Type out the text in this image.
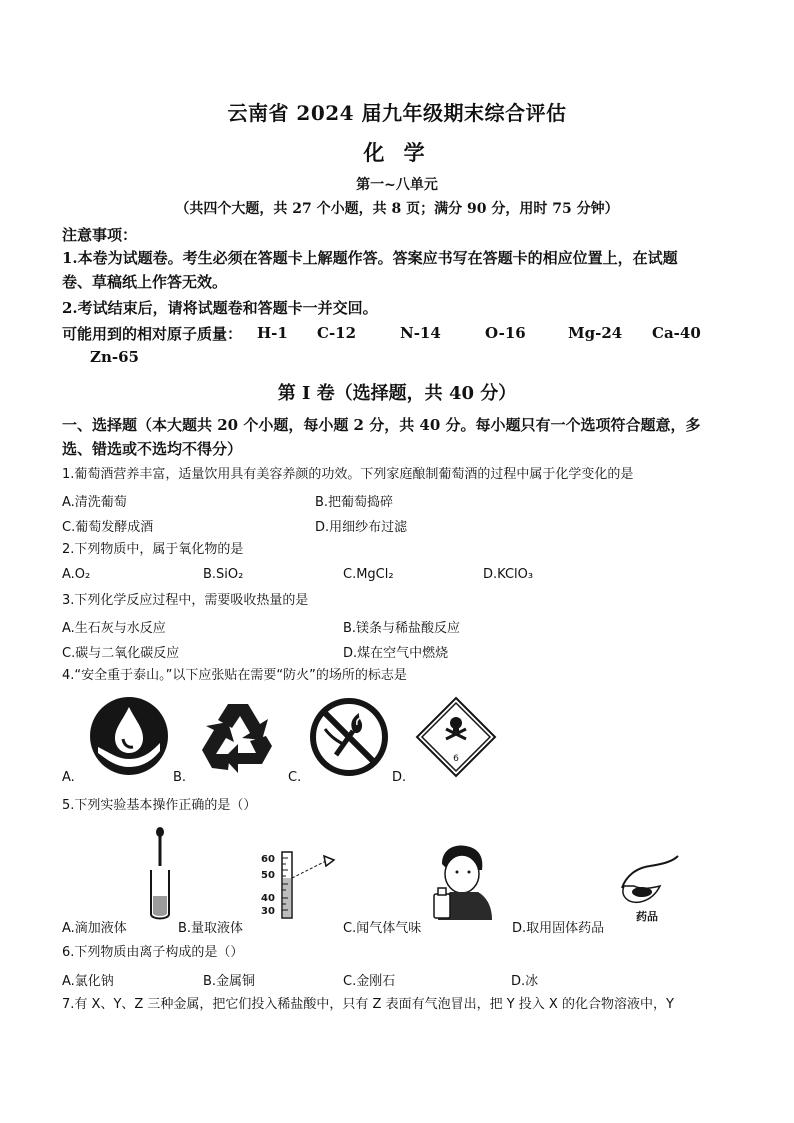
云南省 2024 届九年级期末综合评估
化 学
第一~八单元
（共四个大题，共 27 个小题，共 8 页；满分 90 分，用时 75 分钟）
注意事项：
1.本卷为试题卷。考生必须在答题卡上解题作答。答案应书写在答题卡的相应位置上，在试题
卷、草稿纸上作答无效。
2.考试结束后，请将试题卷和答题卡一并交回。
可能用到的相对原子质量： H-1 C-12	N-14	O-16	Mg-24 Ca-40
Zn-65
第 I 卷（选择题，共 40 分）
一、选择题（本大题共 20 个小题，每小题 2 分，共 40 分。每小题只有一个选项符合题意，多
选、错选或不选均不得分）
1.葡萄酒营养丰富，适量饮用具有美容养颜的功效。下列家庭酿制葡萄酒的过程中属于化学变化的是
A.清洗葡萄	B.把葡萄捣碎
C.葡萄发酵成酒	D.用细纱布过滤
2.下列物质中，属于氧化物的是
A.O₂	B.SiO₂	C.MgCl₂	D.KClO₃
3.下列化学反应过程中，需要吸收热量的是
A.生石灰与水反应	B.镁条与稀盐酸反应
C.碳与二氧化碳反应	D.煤在空气中燃烧
4.“安全重于泰山。”以下应张贴在需要“防火”的场所的标志是
A.	B.	C.
6
D.
5.下列实验基本操作正确的是（）
A.滴加液体
60
50
40
30
B.量取液体	C.闻气体气味
药品
D.取用固体药品
6.下列物质由离子构成的是（）
A.氯化钠	B.金属铜	C.金刚石	D.冰
7.有 X、Y、Z 三种金属，把它们投入稀盐酸中，只有 Z 表面有气泡冒出，把 Y 投入 X 的化合物溶液中，Y
